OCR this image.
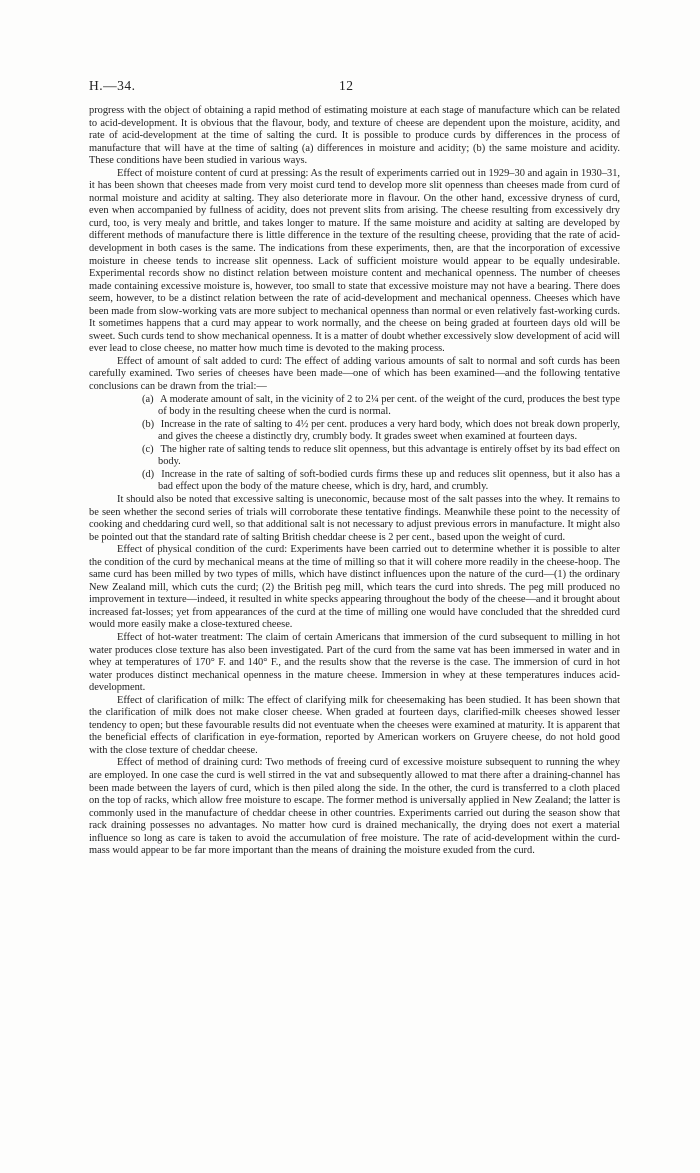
H.—34.	12

progress with the object of obtaining a rapid method of estimating moisture at each stage of manufacture which can be related to acid-development. It is obvious that the flavour, body, and texture of cheese are dependent upon the moisture, acidity, and rate of acid-development at the time of salting the curd. It is possible to produce curds by differences in the process of manufacture that will have at the time of salting (a) differences in moisture and acidity; (b) the same moisture and acidity. These conditions have been studied in various ways.

Effect of moisture content of curd at pressing: As the result of experiments carried out in 1929–30 and again in 1930–31, it has been shown that cheeses made from very moist curd tend to develop more slit openness than cheeses made from curd of normal moisture and acidity at salting. They also deteriorate more in flavour. On the other hand, excessive dryness of curd, even when accompanied by fullness of acidity, does not prevent slits from arising. The cheese resulting from excessively dry curd, too, is very mealy and brittle, and takes longer to mature. If the same moisture and acidity at salting are developed by different methods of manufacture there is little difference in the texture of the resulting cheese, providing that the rate of acid-development in both cases is the same. The indications from these experiments, then, are that the incorporation of excessive moisture in cheese tends to increase slit openness. Lack of sufficient moisture would appear to be equally undesirable. Experimental records show no distinct relation between moisture content and mechanical openness. The number of cheeses made containing excessive moisture is, however, too small to state that excessive moisture may not have a bearing. There does seem, however, to be a distinct relation between the rate of acid-development and mechanical openness. Cheeses which have been made from slow-working vats are more subject to mechanical openness than normal or even relatively fast-working curds. It sometimes happens that a curd may appear to work normally, and the cheese on being graded at fourteen days old will be sweet. Such curds tend to show mechanical openness. It is a matter of doubt whether excessively slow development of acid will ever lead to close cheese, no matter how much time is devoted to the making process.

Effect of amount of salt added to curd: The effect of adding various amounts of salt to normal and soft curds has been carefully examined. Two series of cheeses have been made—one of which has been examined—and the following tentative conclusions can be drawn from the trial:—

(a) A moderate amount of salt, in the vicinity of 2 to 2¼ per cent. of the weight of the curd, produces the best type of body in the resulting cheese when the curd is normal.

(b) Increase in the rate of salting to 4½ per cent. produces a very hard body, which does not break down properly, and gives the cheese a distinctly dry, crumbly body. It grades sweet when examined at fourteen days.

(c) The higher rate of salting tends to reduce slit openness, but this advantage is entirely offset by its bad effect on body.

(d) Increase in the rate of salting of soft-bodied curds firms these up and reduces slit openness, but it also has a bad effect upon the body of the mature cheese, which is dry, hard, and crumbly.

It should also be noted that excessive salting is uneconomic, because most of the salt passes into the whey. It remains to be seen whether the second series of trials will corroborate these tentative findings. Meanwhile these point to the necessity of cooking and cheddaring curd well, so that additional salt is not necessary to adjust previous errors in manufacture. It might also be pointed out that the standard rate of salting British cheddar cheese is 2 per cent., based upon the weight of curd.

Effect of physical condition of the curd: Experiments have been carried out to determine whether it is possible to alter the condition of the curd by mechanical means at the time of milling so that it will cohere more readily in the cheese-hoop. The same curd has been milled by two types of mills, which have distinct influences upon the nature of the curd—(1) the ordinary New Zealand mill, which cuts the curd; (2) the British peg mill, which tears the curd into shreds. The peg mill produced no improvement in texture—indeed, it resulted in white specks appearing throughout the body of the cheese—and it brought about increased fat-losses; yet from appearances of the curd at the time of milling one would have concluded that the shredded curd would more easily make a close-textured cheese.

Effect of hot-water treatment: The claim of certain Americans that immersion of the curd subsequent to milling in hot water produces close texture has also been investigated. Part of the curd from the same vat has been immersed in water and in whey at temperatures of 170° F. and 140° F., and the results show that the reverse is the case. The immersion of curd in hot water produces distinct mechanical openness in the mature cheese. Immersion in whey at these temperatures induces acid-development.

Effect of clarification of milk: The effect of clarifying milk for cheesemaking has been studied. It has been shown that the clarification of milk does not make closer cheese. When graded at fourteen days, clarified-milk cheeses showed lesser tendency to open; but these favourable results did not eventuate when the cheeses were examined at maturity. It is apparent that the beneficial effects of clarification in eye-formation, reported by American workers on Gruyere cheese, do not hold good with the close texture of cheddar cheese.

Effect of method of draining curd: Two methods of freeing curd of excessive moisture subsequent to running the whey are employed. In one case the curd is well stirred in the vat and subsequently allowed to mat there after a draining-channel has been made between the layers of curd, which is then piled along the side. In the other, the curd is transferred to a cloth placed on the top of racks, which allow free moisture to escape. The former method is universally applied in New Zealand; the latter is commonly used in the manufacture of cheddar cheese in other countries. Experiments carried out during the season show that rack draining possesses no advantages. No matter how curd is drained mechanically, the drying does not exert a material influence so long as care is taken to avoid the accumulation of free moisture. The rate of acid-development within the curd-mass would appear to be far more important than the means of draining the moisture exuded from the curd.
